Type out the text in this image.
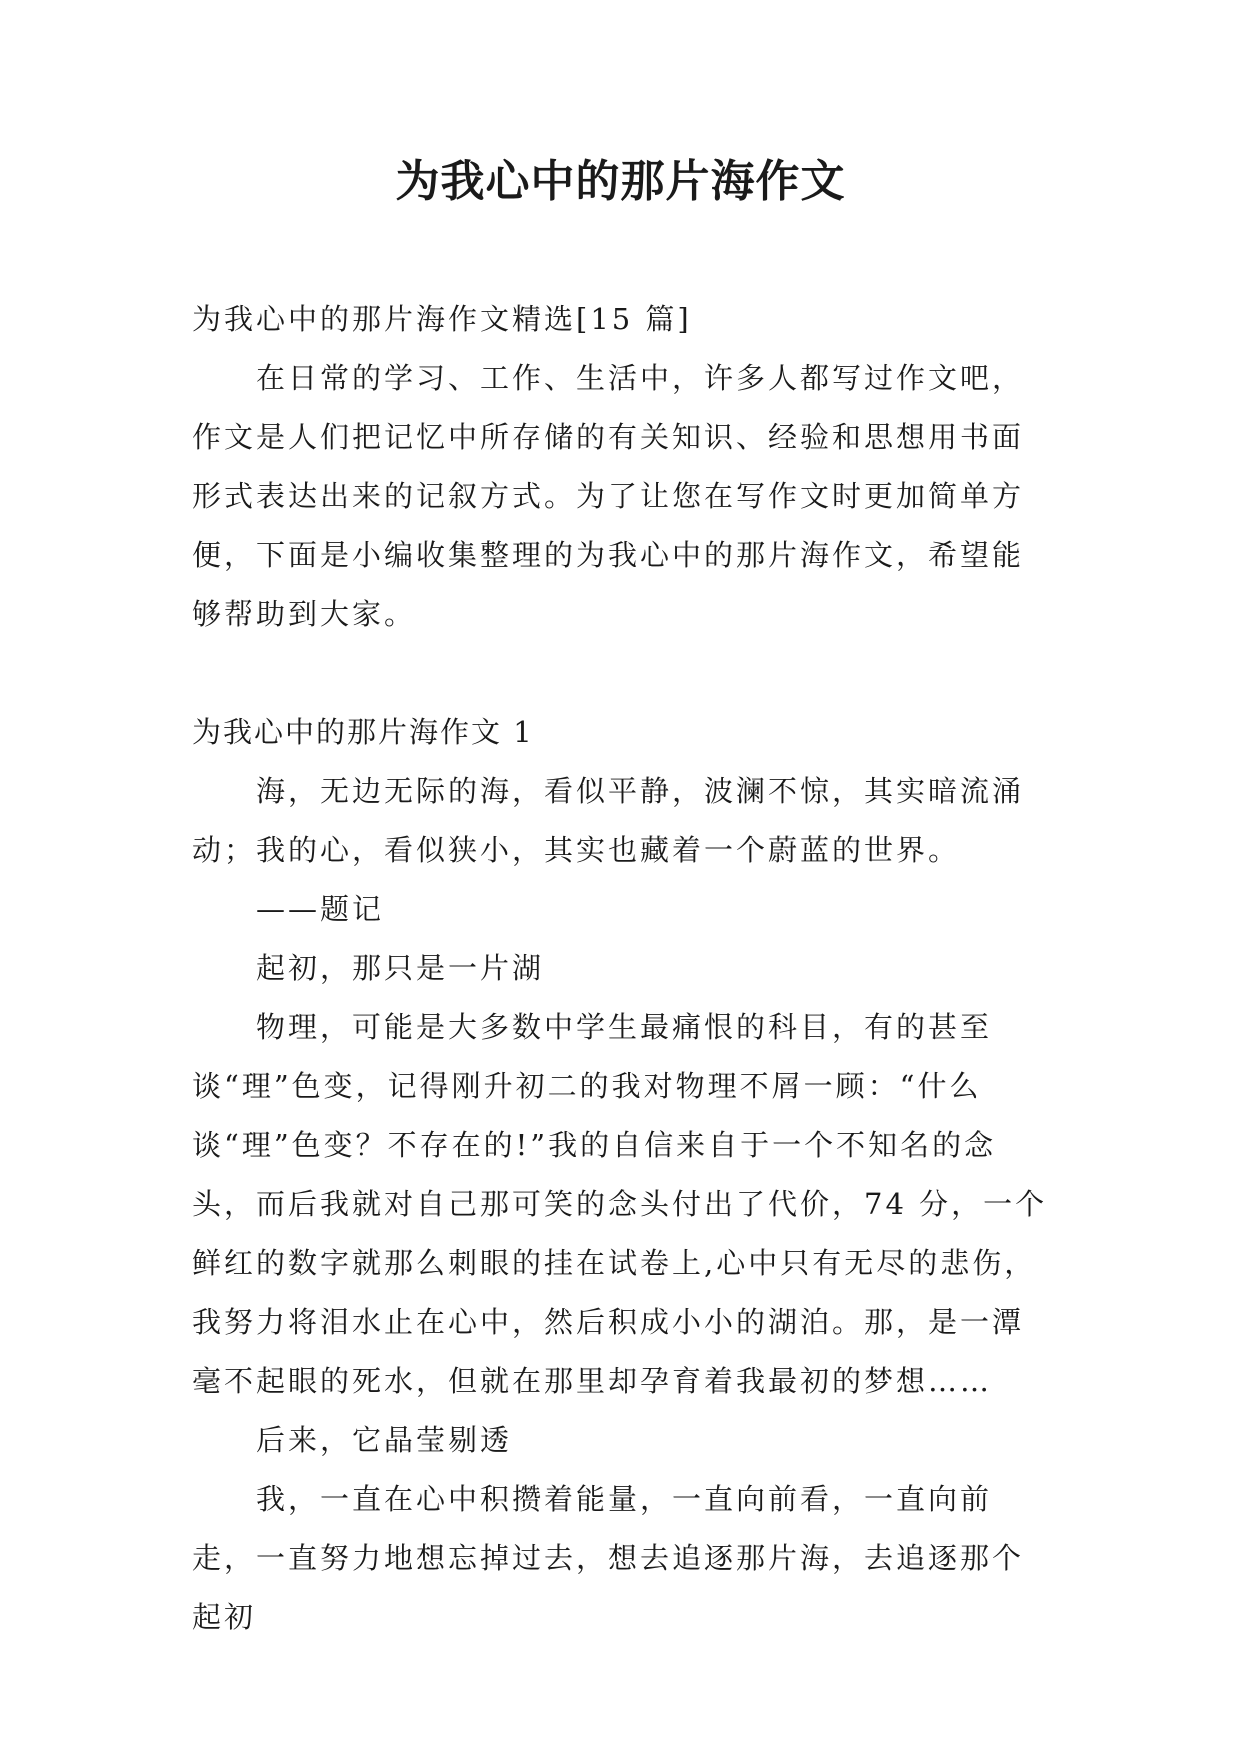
为我心中的那片海作文

为我心中的那片海作文精选[15 篇]

在日常的学习、工作、生活中，许多人都写过作文吧，作文是人们把记忆中所存储的有关知识、经验和思想用书面形式表达出来的记叙方式。为了让您在写作文时更加简单方便，下面是小编收集整理的为我心中的那片海作文，希望能够帮助到大家。

为我心中的那片海作文 1

海，无边无际的海，看似平静，波澜不惊，其实暗流涌动；我的心，看似狭小，其实也藏着一个蔚蓝的世界。

——题记

起初，那只是一片湖

物理，可能是大多数中学生最痛恨的科目，有的甚至谈“理”色变，记得刚升初二的我对物理不屑一顾：“什么谈“理”色变？不存在的!”我的自信来自于一个不知名的念头，而后我就对自己那可笑的念头付出了代价，74 分，一个鲜红的数字就那么刺眼的挂在试卷上,心中只有无尽的悲伤，我努力将泪水止在心中，然后积成小小的湖泊。那，是一潭毫不起眼的死水，但就在那里却孕育着我最初的梦想……

后来，它晶莹剔透

我，一直在心中积攒着能量，一直向前看，一直向前走，一直努力地想忘掉过去，想去追逐那片海，去追逐那个起初
